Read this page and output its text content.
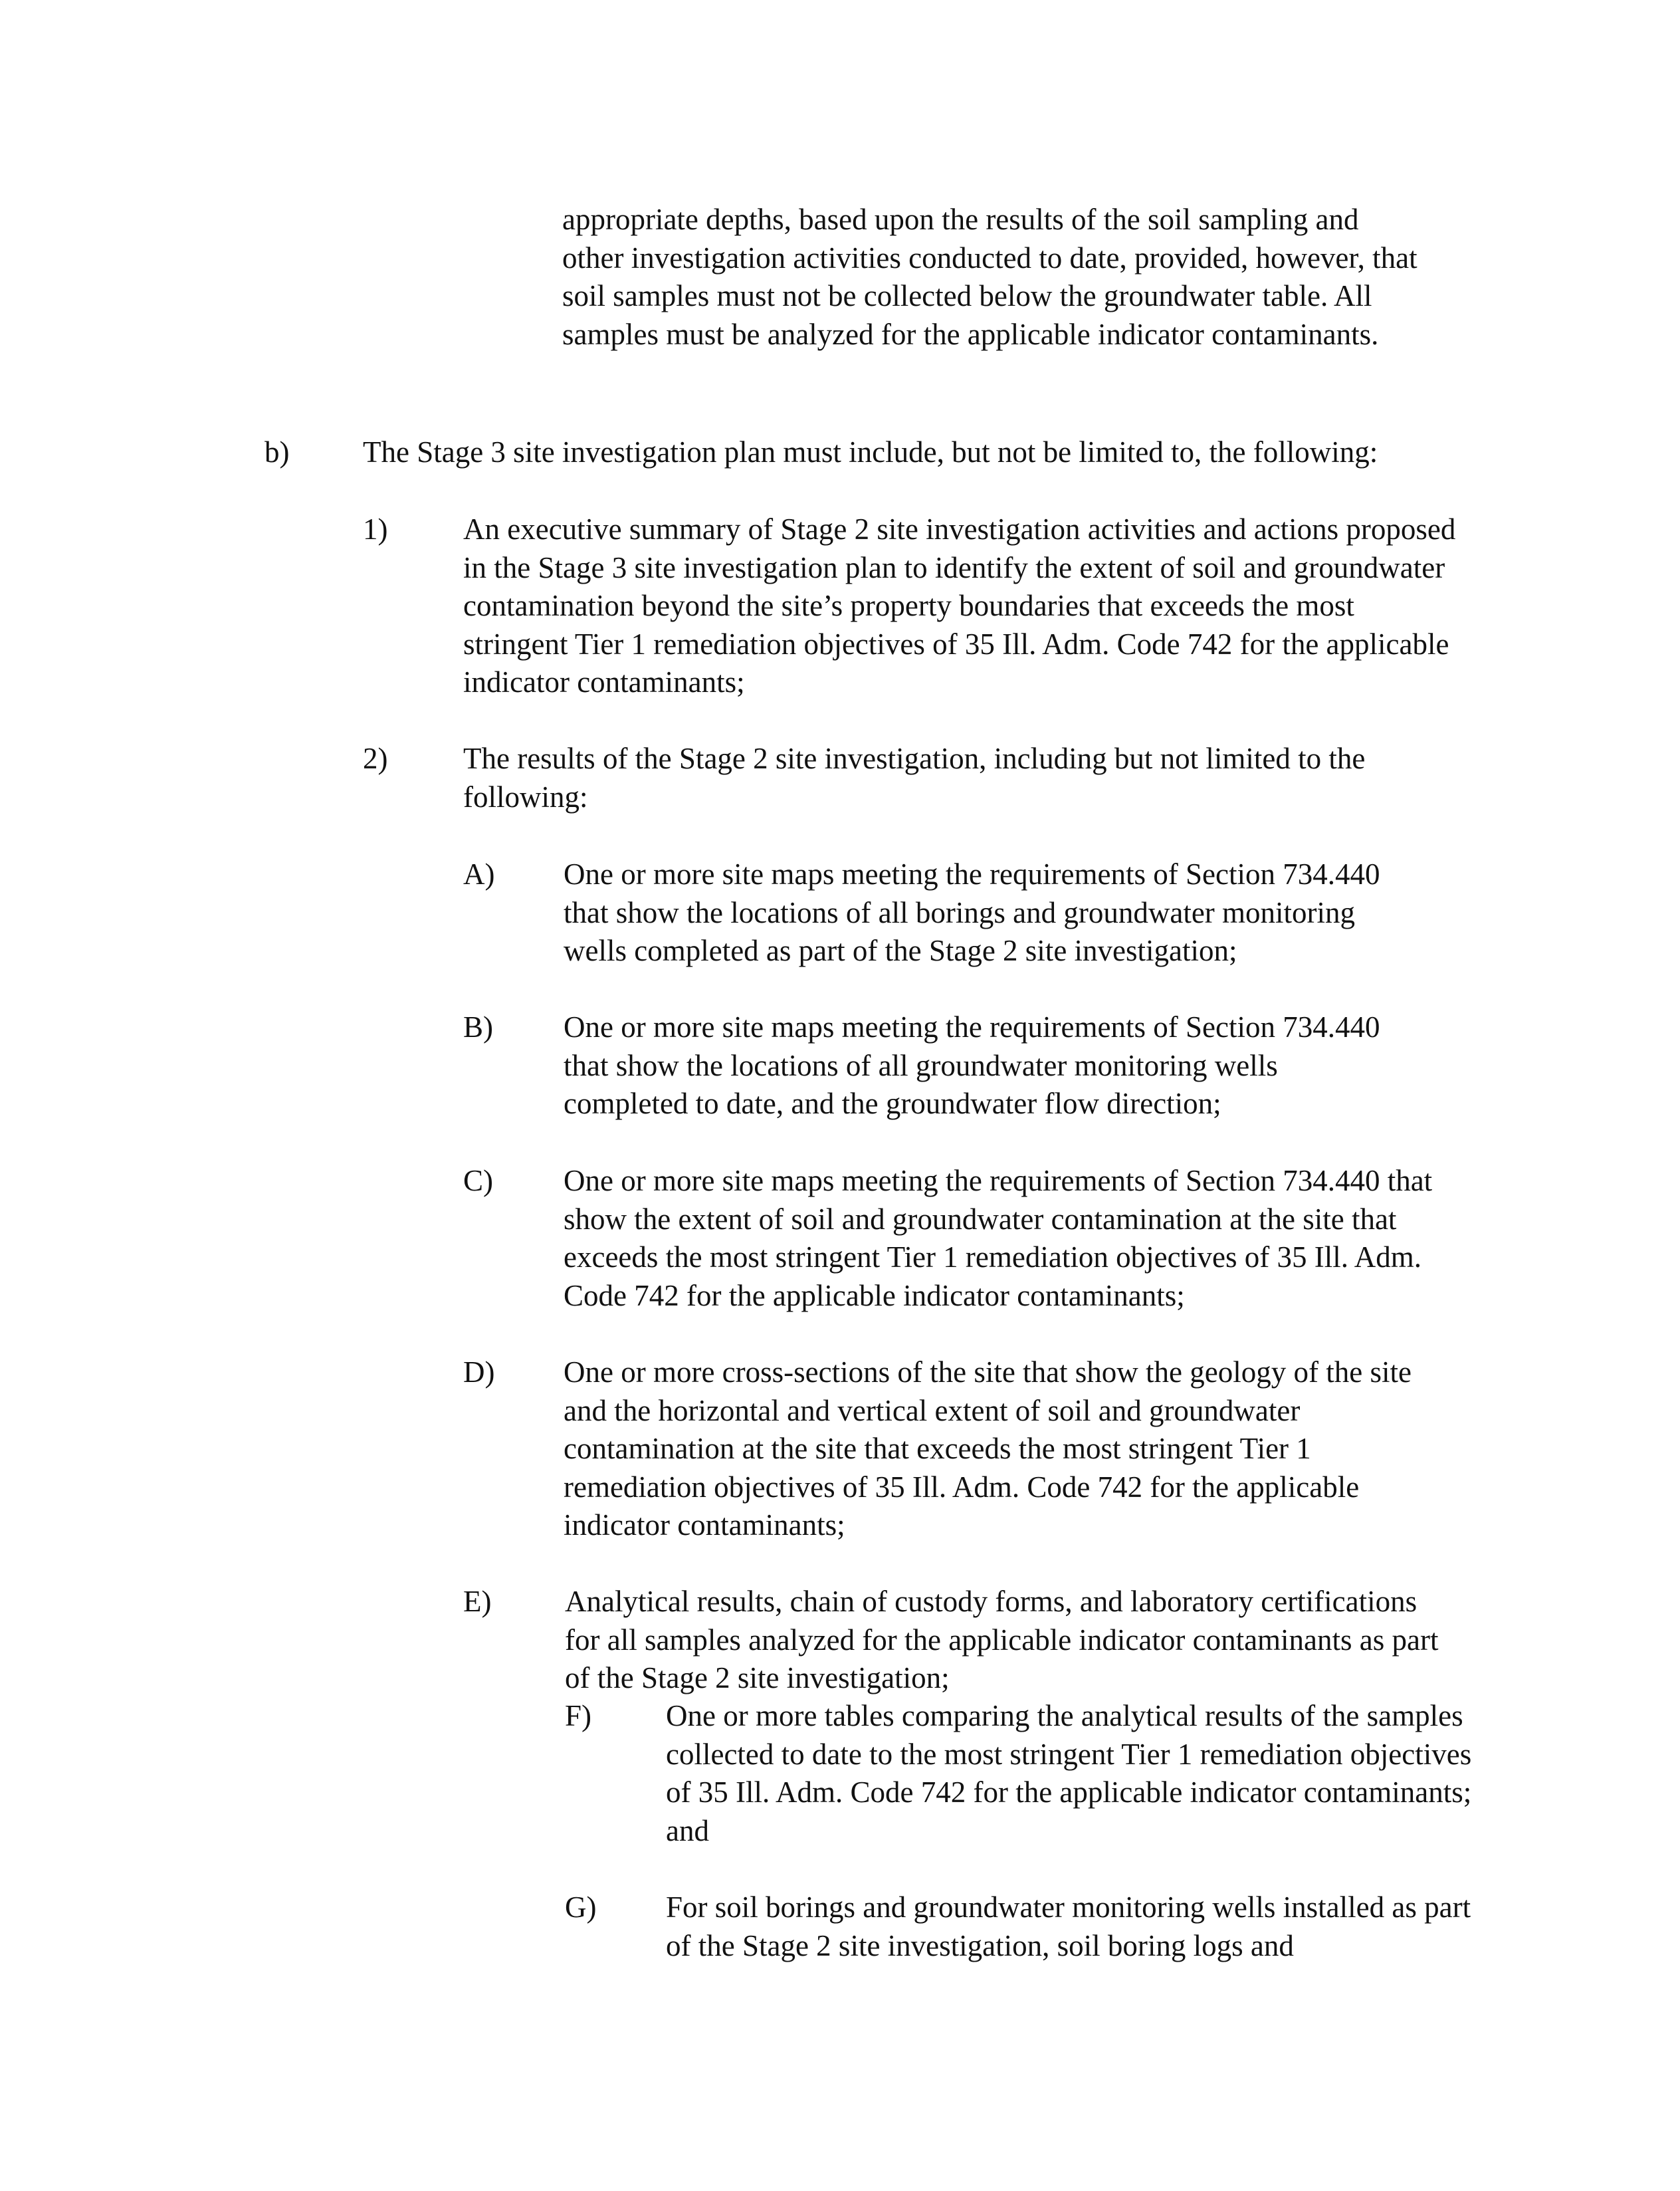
appropriate depths, based upon the results of the soil sampling and other investigation activities conducted to date, provided, however, that soil samples must not be collected below the groundwater table. All samples must be analyzed for the applicable indicator contaminants.

b) The Stage 3 site investigation plan must include, but not be limited to, the following:

1)	An executive summary of Stage 2 site investigation activities and actions proposed in the Stage 3 site investigation plan to identify the extent of soil and groundwater contamination beyond the site’s property boundaries that exceeds the most stringent Tier 1 remediation objectives of 35 Ill. Adm. Code 742 for the applicable indicator contaminants;

2)	The results of the Stage 2 site investigation, including but not limited to the following:

A) One or more site maps meeting the requirements of Section 734.440 that show the locations of all borings and groundwater monitoring wells completed as part of the Stage 2 site investigation;

B) One or more site maps meeting the requirements of Section 734.440 that show the locations of all groundwater monitoring wells completed to date, and the groundwater flow direction;

C) One or more site maps meeting the requirements of Section 734.440 that show the extent of soil and groundwater contamination at the site that exceeds the most stringent Tier 1 remediation objectives of 35 Ill. Adm. Code 742 for the applicable indicator contaminants;

D) One or more cross-sections of the site that show the geology of the site and the horizontal and vertical extent of soil and groundwater contamination at the site that exceeds the most stringent Tier 1 remediation objectives of 35 Ill. Adm. Code 742 for the applicable indicator contaminants;

E) Analytical results, chain of custody forms, and laboratory certifications for all samples analyzed for the applicable indicator contaminants as part of the Stage 2 site investigation;

F) One or more tables comparing the analytical results of the samples collected to date to the most stringent Tier 1 remediation objectives of 35 Ill. Adm. Code 742 for the applicable indicator contaminants; and

G) For soil borings and groundwater monitoring wells installed as part of the Stage 2 site investigation, soil boring logs and
